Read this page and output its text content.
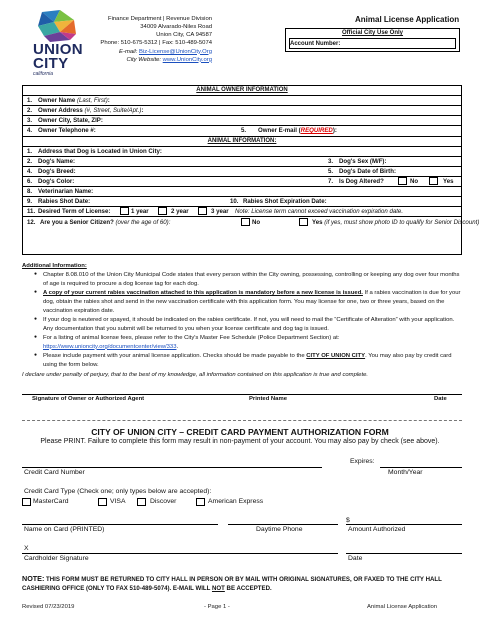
UNION
CITY
california
Finance Department | Revenue Division
34009 Alvarado-Niles Road
Union City, CA 94587
Phone: 510-675-5312 | Fax: 510-489-5074
E-mail: Biz-License@UnionCity.Org
City Website: www.UnionCity.org
Animal License Application
Official City Use Only
Account Number:
ANIMAL OWNER INFORMATION
1. Owner Name (Last, First):
2. Owner Address (#, Street, Suite/Apt.):
3. Owner City, State, ZIP:
4. Owner Telephone #:	5. Owner E-mail (REQUIRED):
ANIMAL INFORMATION:
1. Address that Dog is Located in Union City:
2. Dog's Name:	3. Dog's Sex (M/F):
4. Dog's Breed:	5. Dog's Date of Birth:
6. Dog's Color:	7. Is Dog Altered?	No	Yes
8. Veterinarian Name:
9. Rabies Shot Date:	10. Rabies Shot Expiration Date:
11. Desired Term of License:	1 year	2 year	3 year Note: License term cannot exceed vaccination expiration date.
12. Are you a Senior Citizen? (over the age of 60):	No	Yes (if yes, must show photo ID to qualify for Senior Discount)
Additional Information:
● Chapter 8.08.010 of the Union City Municipal Code states that every person within the City owning, possessing, controlling or keeping any dog over four months of age is required to procure a dog license tag for each dog.
● A copy of your current rabies vaccination attached to this application is mandatory before a new license is issued. If a rabies vaccination is due for your dog, obtain the rabies shot and send in the new vaccination certificate with this application form. You may license for one, two or three years, based on the vaccination expiration date.
● If your dog is neutered or spayed, it should be indicated on the rabies certificate. If not, you will need to mail the “Certificate of Alteration” with your application. Any documentation that you submit will be returned to you when your license certificate and dog tag is issued.
● For a listing of animal license fees, please refer to the City's Master Fee Schedule (Police Department Section) at:
https://www.unioncity.org/documentcenter/view/333.
● Please include payment with your animal license application. Checks should be made payable to the CITY OF UNION CITY. You may also pay by credit card using the form below.
I declare under penalty of perjury, that to the best of my knowledge, all information contained on this application is true and complete.
Signature of Owner or Authorized Agent	Printed Name	Date
CITY OF UNION CITY – CREDIT CARD PAYMENT AUTHORIZATION FORM
Please PRINT. Failure to complete this form may result in non-payment of your account. You may also pay by check (see above).
Expires:
Credit Card Number	Month/Year
Credit Card Type (Check one; only types below are accepted):
MasterCard	VISA	Discover	American Express
$
Name on Card (PRINTED)	Daytime Phone	Amount Authorized
X
Cardholder Signature	Date
NOTE: THIS FORM MUST BE RETURNED TO CITY HALL IN PERSON OR BY MAIL WITH ORIGINAL SIGNATURES, OR FAXED TO THE CITY HALL CASHIERING OFFICE (ONLY TO FAX 510-489-5074). E-MAIL WILL NOT BE ACCEPTED.
Revised 07/23/2019	- Page 1 -	Animal License Application
